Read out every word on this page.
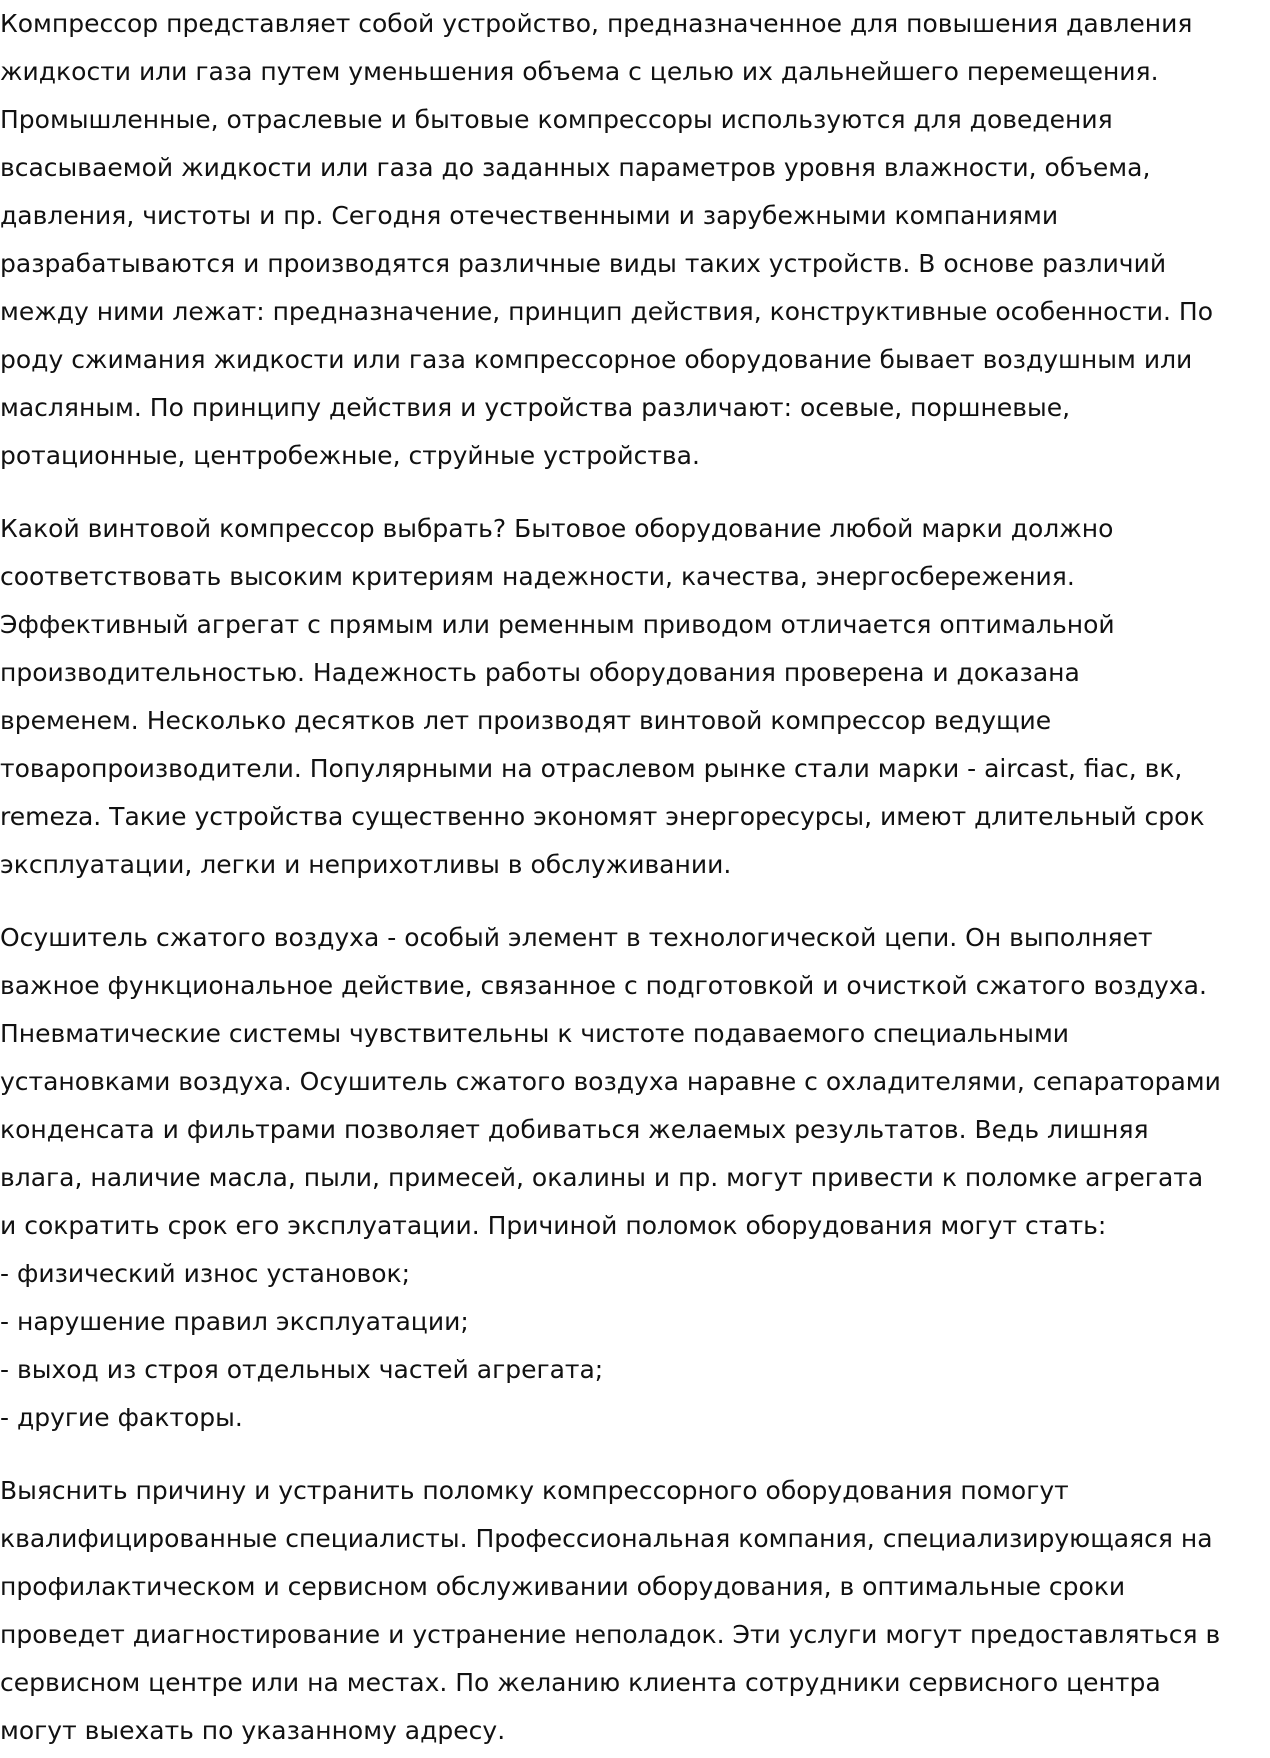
Компрессор представляет собой устройство, предназначенное для повышения давления
жидкости или газа путем уменьшения объема с целью их дальнейшего перемещения.
Промышленные, отраслевые и бытовые компрессоры используются для доведения
всасываемой жидкости или газа до заданных параметров уровня влажности, объема,
давления, чистоты и пр. Сегодня отечественными и зарубежными компаниями
разрабатываются и производятся различные виды таких устройств. В основе различий
между ними лежат: предназначение, принцип действия, конструктивные особенности. По
роду сжимания жидкости или газа компрессорное оборудование бывает воздушным или
масляным. По принципу действия и устройства различают: осевые, поршневые,
ротационные, центробежные, струйные устройства.
Какой винтовой компрессор выбрать? Бытовое оборудование любой марки должно
соответствовать высоким критериям надежности, качества, энергосбережения.
Эффективный агрегат с прямым или ременным приводом отличается оптимальной
производительностью. Надежность работы оборудования проверена и доказана
временем. Несколько десятков лет производят винтовой компрессор ведущие
товаропроизводители. Популярными на отраслевом рынке стали марки - aircast, fiac, вк,
remeza. Такие устройства существенно экономят энергоресурсы, имеют длительный срок
эксплуатации, легки и неприхотливы в обслуживании.
Осушитель сжатого воздуха - особый элемент в технологической цепи. Он выполняет
важное функциональное действие, связанное с подготовкой и очисткой сжатого воздуха.
Пневматические системы чувствительны к чистоте подаваемого специальными
установками воздуха. Осушитель сжатого воздуха наравне с охладителями, сепараторами
конденсата и фильтрами позволяет добиваться желаемых результатов. Ведь лишняя
влага, наличие масла, пыли, примесей, окалины и пр. могут привести к поломке агрегата
и сократить срок его эксплуатации. Причиной поломок оборудования могут стать:
- физический износ установок;
- нарушение правил эксплуатации;
- выход из строя отдельных частей агрегата;
- другие факторы.
Выяснить причину и устранить поломку компрессорного оборудования помогут
квалифицированные специалисты. Профессиональная компания, специализирующаяся на
профилактическом и сервисном обслуживании оборудования, в оптимальные сроки
проведет диагностирование и устранение неполадок. Эти услуги могут предоставляться в
сервисном центре или на местах. По желанию клиента сотрудники сервисного центра
могут выехать по указанному адресу.
